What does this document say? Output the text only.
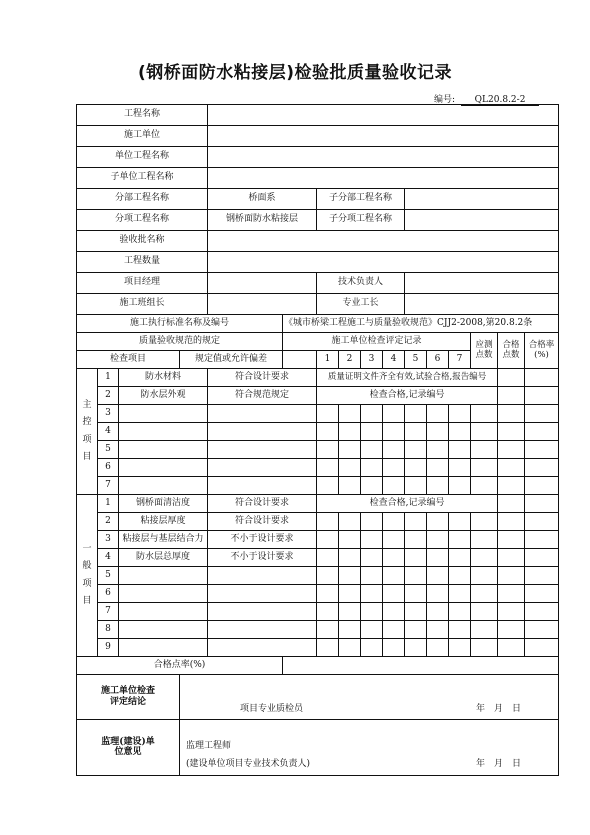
(钢桥面防水粘接层)检验批质量验收记录
编号: QL20.8.2-2
工程名称																
施工单位																
单位工程名称																
子单位工程名称																
分部工程名称				桥面系		子分部工程名称										
分项工程名称				钢桥面防水粘接层		子分项工程名称										
验收批名称																
工程数量																
项目经理						技术负责人										
施工班组长						专业工长										
施工执行标准名称及编号					《城市桥梁工程施工与质量验收规范》CJJ2-2008,第20.8.2条											
质量验收规范的规定					施工单位检查评定记录								应测点数	合格点数	合格率(%)	
检查项目			规定值或允许偏差			1	2	3	4	5	6	7				
主控项目	1	防水材料		符合设计要求		质量证明文件齐全有效,试验合格,报告编号										
	2	防水层外观		符合规范规定		检查合格,记录编号										
	3															
	4															
	5															
	6															
	7															
一般项目	1	钢桥面清洁度		符合设计要求		检查合格,记录编号										
	2	粘接层厚度		符合设计要求												
	3	粘接层与基层结合力		不小于设计要求												
	4	防水层总厚度		不小于设计要求												
	5															
	6															
	7															
	8															
	9															
合格点率(%)																
施工单位检查评定结论			项目专业质检员 年　月　日													

监理(建设)单位意见			监理工程师
(建设单位项目专业技术负责人) 年　月　日													
